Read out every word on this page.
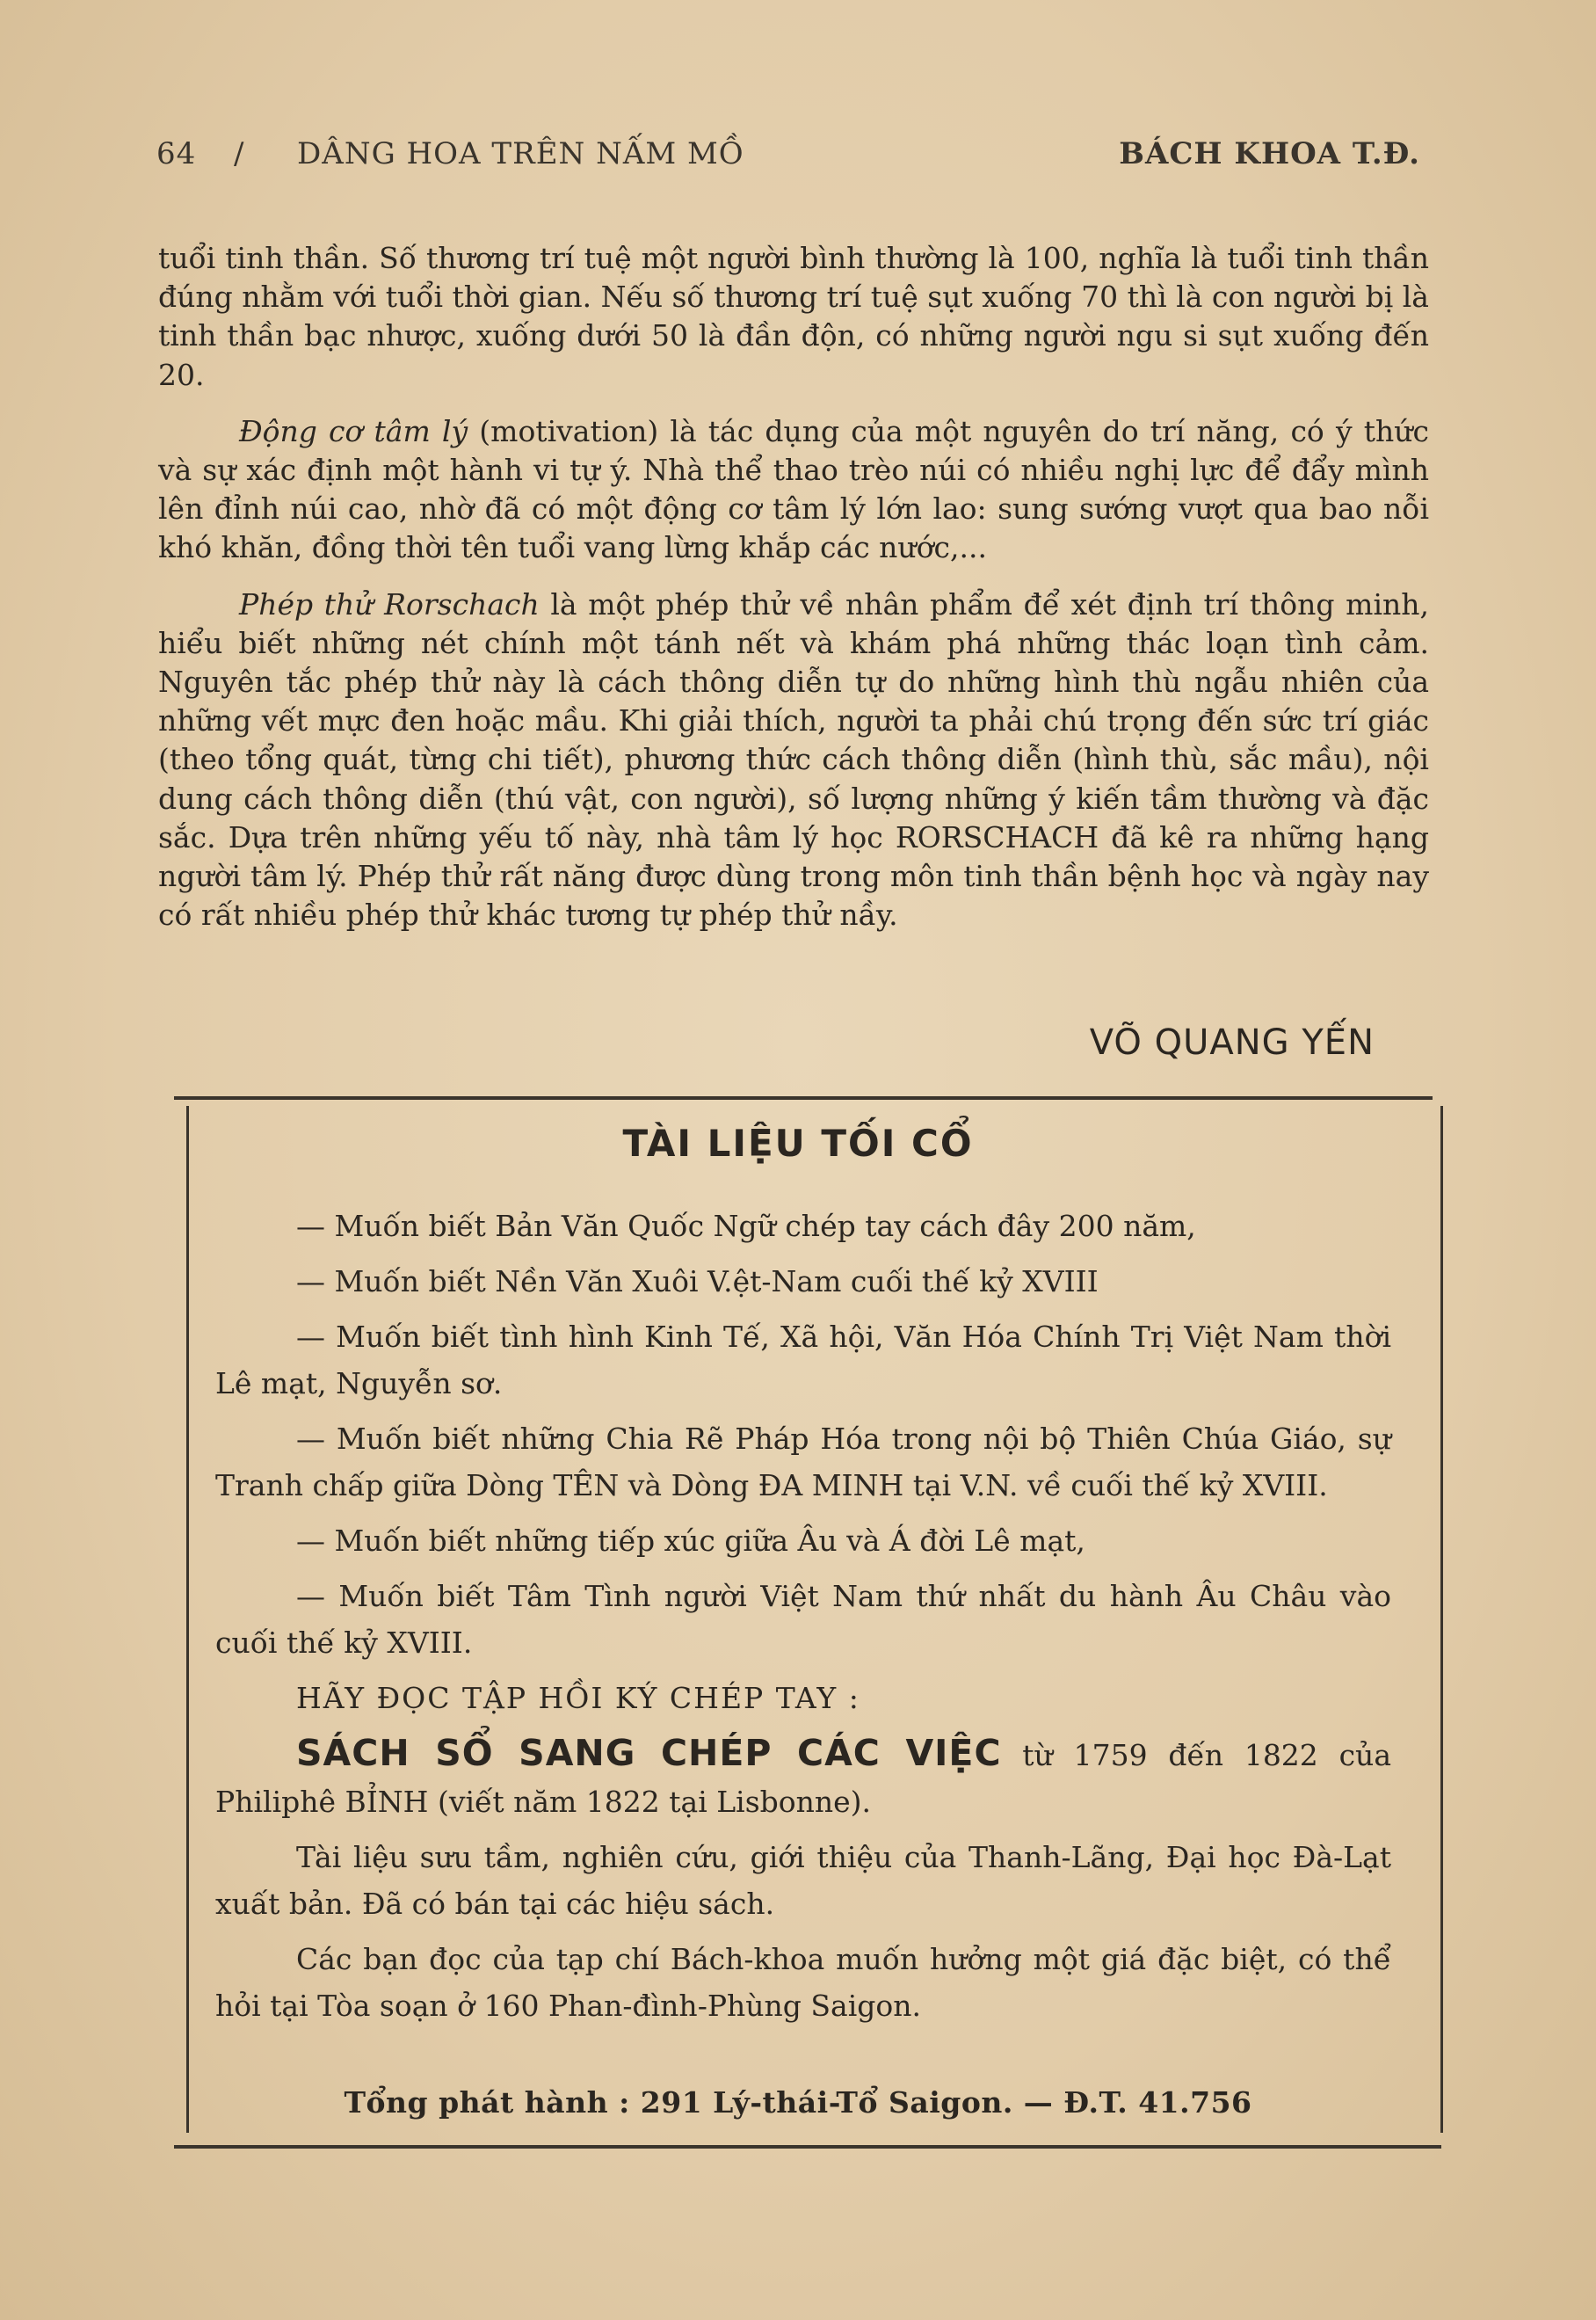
64 / DÂNG HOA TRÊN NẤM MỒ	BÁCH KHOA T.Đ.

tuổi tinh thần. Số thương trí tuệ một người bình thường là 100, nghĩa là tuổi tinh thần đúng nhằm với tuổi thời gian. Nếu số thương trí tuệ sụt xuống 70 thì là con người bị là tinh thần bạc nhược, xuống dưới 50 là đần độn, có những người ngu si sụt xuống đến 20.

Động cơ tâm lý (motivation) là tác dụng của một nguyên do trí năng, có ý thức và sự xác định một hành vi tự ý. Nhà thể thao trèo núi có nhiều nghị lực để đẩy mình lên đỉnh núi cao, nhờ đã có một động cơ tâm lý lớn lao: sung sướng vượt qua bao nỗi khó khăn, đồng thời tên tuổi vang lừng khắp các nước,...

Phép thử Rorschach là một phép thử về nhân phẩm để xét định trí thông minh, hiểu biết những nét chính một tánh nết và khám phá những thác loạn tình cảm. Nguyên tắc phép thử này là cách thông diễn tự do những hình thù ngẫu nhiên của những vết mực đen hoặc mầu. Khi giải thích, người ta phải chú trọng đến sức trí giác (theo tổng quát, từng chi tiết), phương thức cách thông diễn (hình thù, sắc mầu), nội dung cách thông diễn (thú vật, con người), số lượng những ý kiến tầm thường và đặc sắc. Dựa trên những yếu tố này, nhà tâm lý học RORSCHACH đã kê ra những hạng người tâm lý. Phép thử rất năng được dùng trong môn tinh thần bệnh học và ngày nay có rất nhiều phép thử khác tương tự phép thử nầy.

VÕ QUANG YẾN
TÀI LIỆU TỐI CỔ

— Muốn biết Bản Văn Quốc Ngữ chép tay cách đây 200 năm,

— Muốn biết Nền Văn Xuôi V.ệt-Nam cuối thế kỷ XVIII

— Muốn biết tình hình Kinh Tế, Xã hội, Văn Hóa Chính Trị Việt Nam thời Lê mạt, Nguyễn sơ.

— Muốn biết những Chia Rẽ Pháp Hóa trong nội bộ Thiên Chúa Giáo, sự Tranh chấp giữa Dòng TÊN và Dòng ĐA MINH tại V.N. về cuối thế kỷ XVIII.

— Muốn biết những tiếp xúc giữa Âu và Á đời Lê mạt,

— Muốn biết Tâm Tình người Việt Nam thứ nhất du hành Âu Châu vào cuối thế kỷ XVIII.

HÃY ĐỌC TẬP HỒI KÝ CHÉP TAY :

SÁCH SỔ SANG CHÉP CÁC VIỆC từ 1759 đến 1822 của Philiphê BỈNH (viết năm 1822 tại Lisbonne).

Tài liệu sưu tầm, nghiên cứu, giới thiệu của Thanh-Lãng, Đại học Đà-Lạt xuất bản. Đã có bán tại các hiệu sách.

Các bạn đọc của tạp chí Bách-khoa muốn hưởng một giá đặc biệt, có thể hỏi tại Tòa soạn ở 160 Phan-đình-Phùng Saigon.

Tổng phát hành : 291 Lý-thái-Tổ Saigon. — Đ.T. 41.756
